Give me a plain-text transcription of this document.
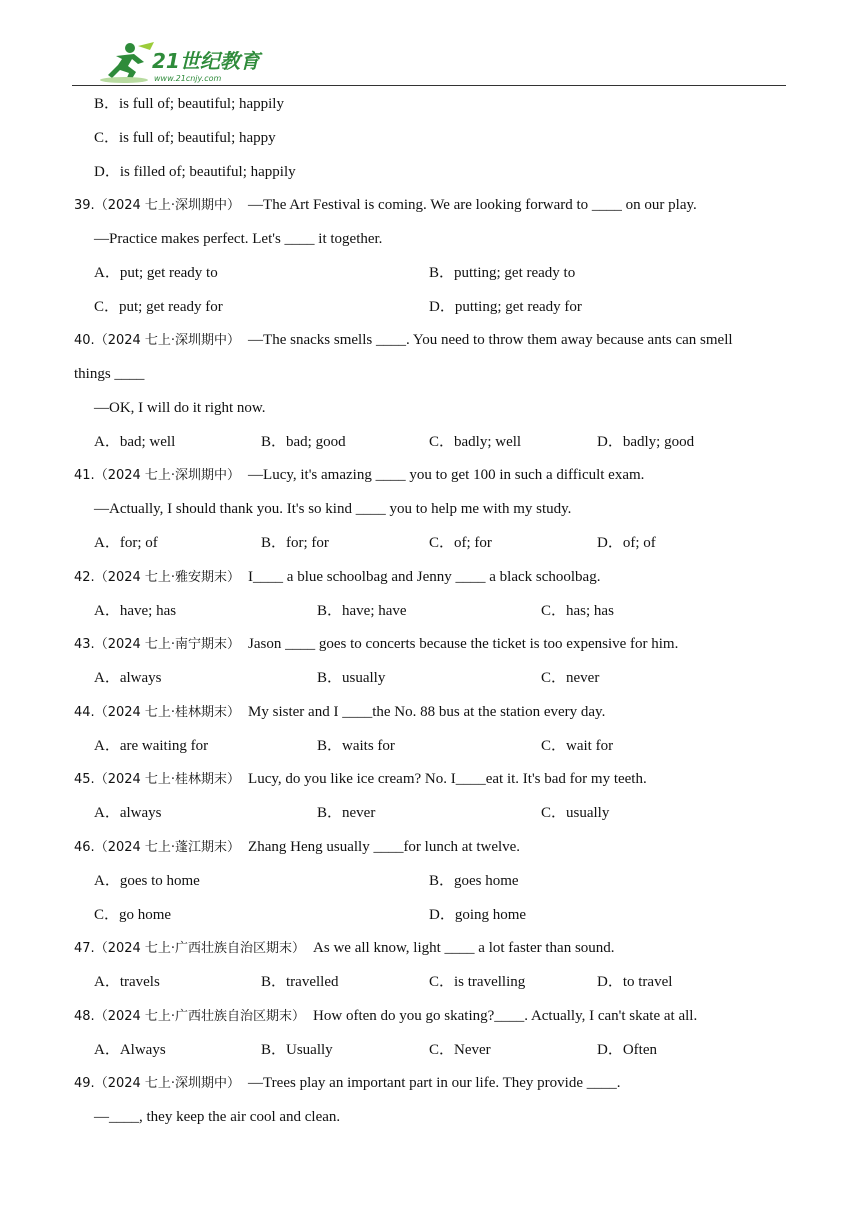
21世纪教育
www.21cnjy.com
B．is full of; beautiful; happily
C．is full of; beautiful; happy
D．is filled of; beautiful; happily
39.（2024 七上·深圳期中） —The Art Festival is coming. We are looking forward to ____ on our play.
—Practice makes perfect. Let's ____ it together.
A．put; get ready to	B．putting; get ready to
C．put; get ready for	D．putting; get ready for
40.（2024 七上·深圳期中） —The snacks smells ____. You need to throw them away because ants can smell
things ____
—OK, I will do it right now.
A．bad; well	B．bad; good	C．badly; well	D．badly; good
41.（2024 七上·深圳期中） —Lucy, it's amazing ____ you to get 100 in such a difficult exam.
—Actually, I should thank you. It's so kind ____ you to help me with my study.
A．for; of	B．for; for	C．of; for	D．of; of
42.（2024 七上·雅安期末） I____ a blue schoolbag and Jenny ____ a black schoolbag.
A．have; has	B．have; have	C．has; has
43.（2024 七上·南宁期末） Jason ____ goes to concerts because the ticket is too expensive for him.
A．always	B．usually	C．never
44.（2024 七上·桂林期末） My sister and I ____the No. 88 bus at the station every day.
A．are waiting for	B．waits for	C．wait for
45.（2024 七上·桂林期末） Lucy, do you like ice cream? No. I____eat it. It's bad for my teeth.
A．always	B．never	C．usually
46.（2024 七上·蓬江期末） Zhang Heng usually ____for lunch at twelve.
A．goes to home	B．goes home
C．go home	D．going home
47.（2024 七上·广西壮族自治区期末） As we all know, light ____ a lot faster than sound.
A．travels	B．travelled	C．is travelling	D．to travel
48.（2024 七上·广西壮族自治区期末） How often do you go skating?____. Actually, I can't skate at all.
A．Always	B．Usually	C．Never	D．Often
49.（2024 七上·深圳期中） —Trees play an important part in our life. They provide ____.
—____, they keep the air cool and clean.
